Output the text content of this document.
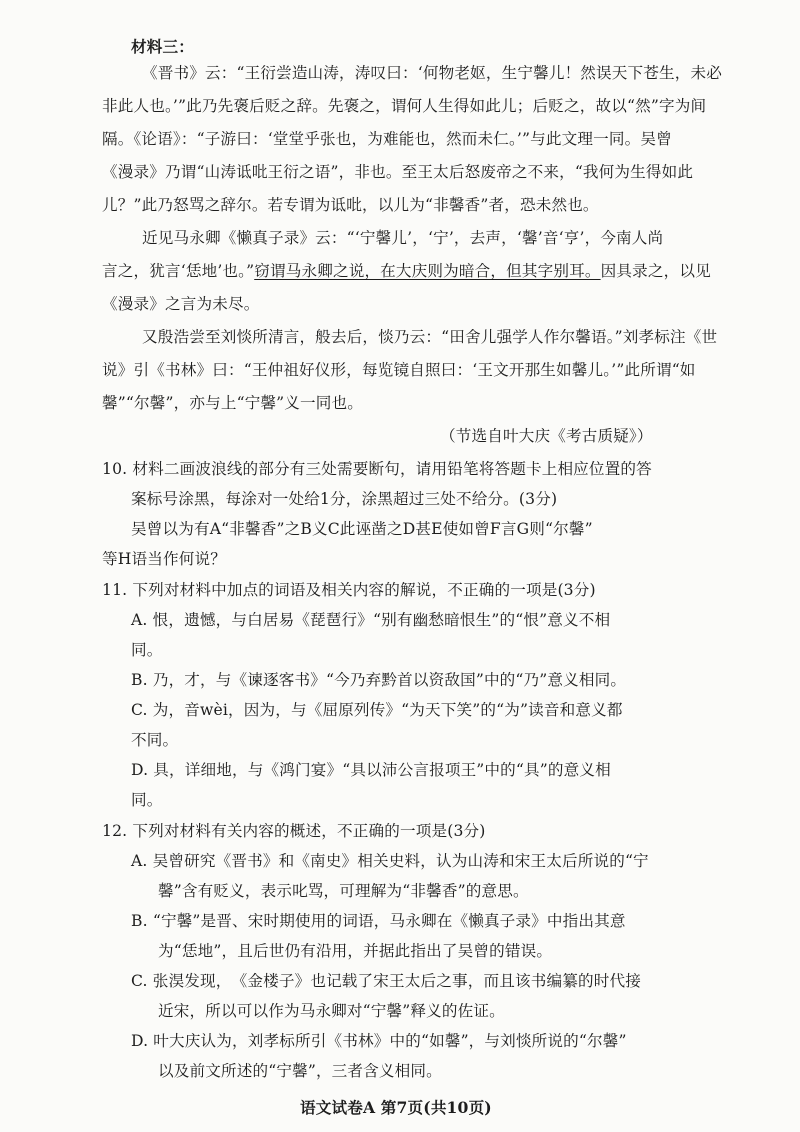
材料三：
《晋书》云：“王衍尝造山涛，涛叹曰：‘何物老妪，生宁馨儿！然误天下苍生，未必
非此人也。’”此乃先褒后贬之辞。先褒之，谓何人生得如此儿；后贬之，故以“然”字为间
隔。《论语》：“子游曰：‘堂堂乎张也，为难能也，然而未仁。’”与此文理一同。吴曾
《漫录》乃谓“山涛诋吡王衍之语”，非也。至王太后怒废帝之不来，“我何为生得如此
儿？”此乃怒骂之辞尔。若专谓为诋吡，以儿为“非馨香”者，恐未然也。
近见马永卿《懒真子录》云：“‘宁馨儿’，‘宁’，去声，‘馨’音‘亨’，今南人尚
言之，犹言‘恁地’也。”窃谓马永卿之说，在大庆则为暗合，但其字别耳。因具录之，以见
《漫录》之言为未尽。
又殷浩尝至刘惔所清言，般去后，惔乃云：“田舍儿强学人作尔馨语。”刘孝标注《世
说》引《书林》曰：“王仲祖好仪形，每览镜自照曰：‘王文开那生如馨儿。’”此所谓“如
馨”“尔馨”，亦与上“宁馨”义一同也。
（节选自叶大庆《考古质疑》）
10. 材料二画波浪线的部分有三处需要断句，请用铅笔将答题卡上相应位置的答
案标号涂黑，每涂对一处给1分，涂黑超过三处不给分。(3分)
吴曾以为有A“非馨香”之B义C此诬凿之D甚E使如曾F言G则“尔馨”
等H语当作何说？
11. 下列对材料中加点的词语及相关内容的解说，不正确的一项是(3分)
A. 恨，遗憾，与白居易《琵琶行》“别有幽愁暗恨生”的“恨”意义不相
同。
B. 乃，才，与《谏逐客书》“今乃弃黔首以资敌国”中的“乃”意义相同。
C. 为，音wèi，因为，与《屈原列传》“为天下笑”的“为”读音和意义都
不同。
D. 具，详细地，与《鸿门宴》“具以沛公言报项王”中的“具”的意义相
同。
12. 下列对材料有关内容的概述，不正确的一项是(3分)
A. 吴曾研究《晋书》和《南史》相关史料，认为山涛和宋王太后所说的“宁
馨”含有贬义，表示叱骂，可理解为“非馨香”的意思。
B. “宁馨”是晋、宋时期使用的词语，马永卿在《懒真子录》中指出其意
为“恁地”，且后世仍有沿用，并据此指出了吴曾的错误。
C. 张淏发现，　《金楼子》也记载了宋王太后之事，而且该书编纂的时代接
近宋，所以可以作为马永卿对“宁馨”释义的佐证。
D. 叶大庆认为，刘孝标所引《书林》中的“如馨”，与刘惔所说的“尔馨”
以及前文所述的“宁馨”，三者含义相同。
语文试卷A 第7页(共10页)
